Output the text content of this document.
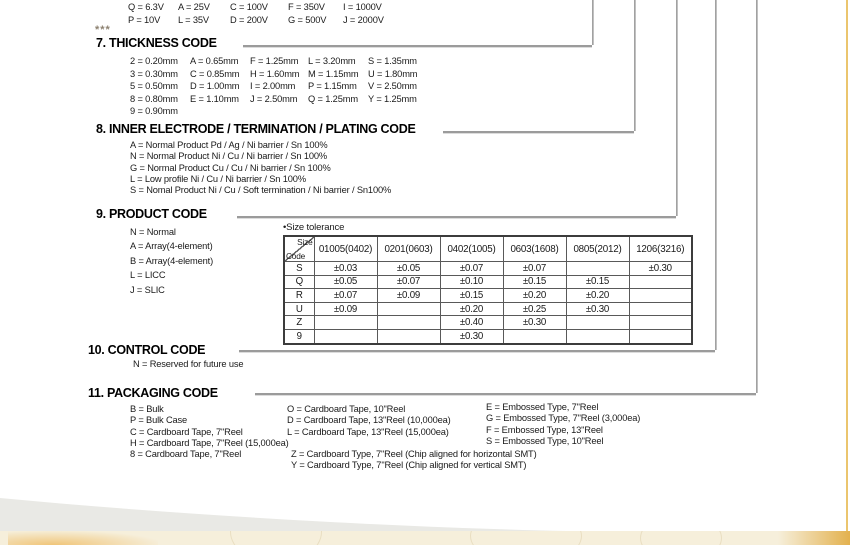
Q = 6.3V	A = 25V	C = 100V	F = 350V	I = 1000V
P = 10V	L = 35V	D = 200V	G = 500V	J = 2000V
***
7. THICKNESS CODE
2 = 0.20mm	A = 0.65mm	F = 1.25mm	L = 3.20mm	S = 1.35mm
3 = 0.30mm	C = 0.85mm	H = 1.60mm M = 1.15mm	U = 1.80mm
5 = 0.50mm	D = 1.00mm	I = 2.00mm	P = 1.15mm	V = 2.50mm
8 = 0.80mm	E = 1.10mm	J = 2.50mm	Q = 1.25mm	Y = 1.25mm
9 = 0.90mm
8. INNER ELECTRODE / TERMINATION / PLATING CODE
A = Normal Product Pd / Ag / Ni barrier / Sn 100%
N = Normal Product Ni / Cu / Ni barrier / Sn 100%
G = Normal Product Cu / Cu / Ni barrier / Sn 100%
L = Low profile Ni / Cu / Ni barrier / Sn 100%
S = Nomal Product Ni / Cu / Soft termination / Ni barrier / Sn100%
9. PRODUCT CODE
N = Normal
A = Array(4-element)
B = Array(4-element)
L = LICC
J = SLIC
•Size tolerance
Size
Code	01005(0402)	0201(0603)	0402(1005)	0603(1608)	0805(2012)	1206(3216)
S	±0.03	±0.05	±0.07	±0.07		±0.30
Q	±0.05	±0.07	±0.10	±0.15	±0.15	
R	±0.07	±0.09	±0.15	±0.20	±0.20	
U	±0.09		±0.20	±0.25	±0.30	
Z			±0.40	±0.30		
9			±0.30			
10. CONTROL CODE
N = Reserved for future use
11. PACKAGING CODE
B = Bulk
P = Bulk Case
C = Cardboard Tape, 7"Reel
H = Cardboard Tape, 7"Reel (15,000ea)
8 = Cardboard Tape, 7"Reel
O = Cardboard Tape, 10"Reel
D = Cardboard Tape, 13"Reel (10,000ea)
L = Cardboard Tape, 13"Reel (15,000ea)
Z = Cardboard Type, 7"Reel (Chip aligned for horizontal SMT)
Y = Cardboard Type, 7"Reel (Chip aligned for vertical SMT)
E = Embossed Type, 7"Reel
G = Embossed Type, 7"Reel (3,000ea)
F = Embossed Type, 13"Reel
S = Embossed Type, 10"Reel
